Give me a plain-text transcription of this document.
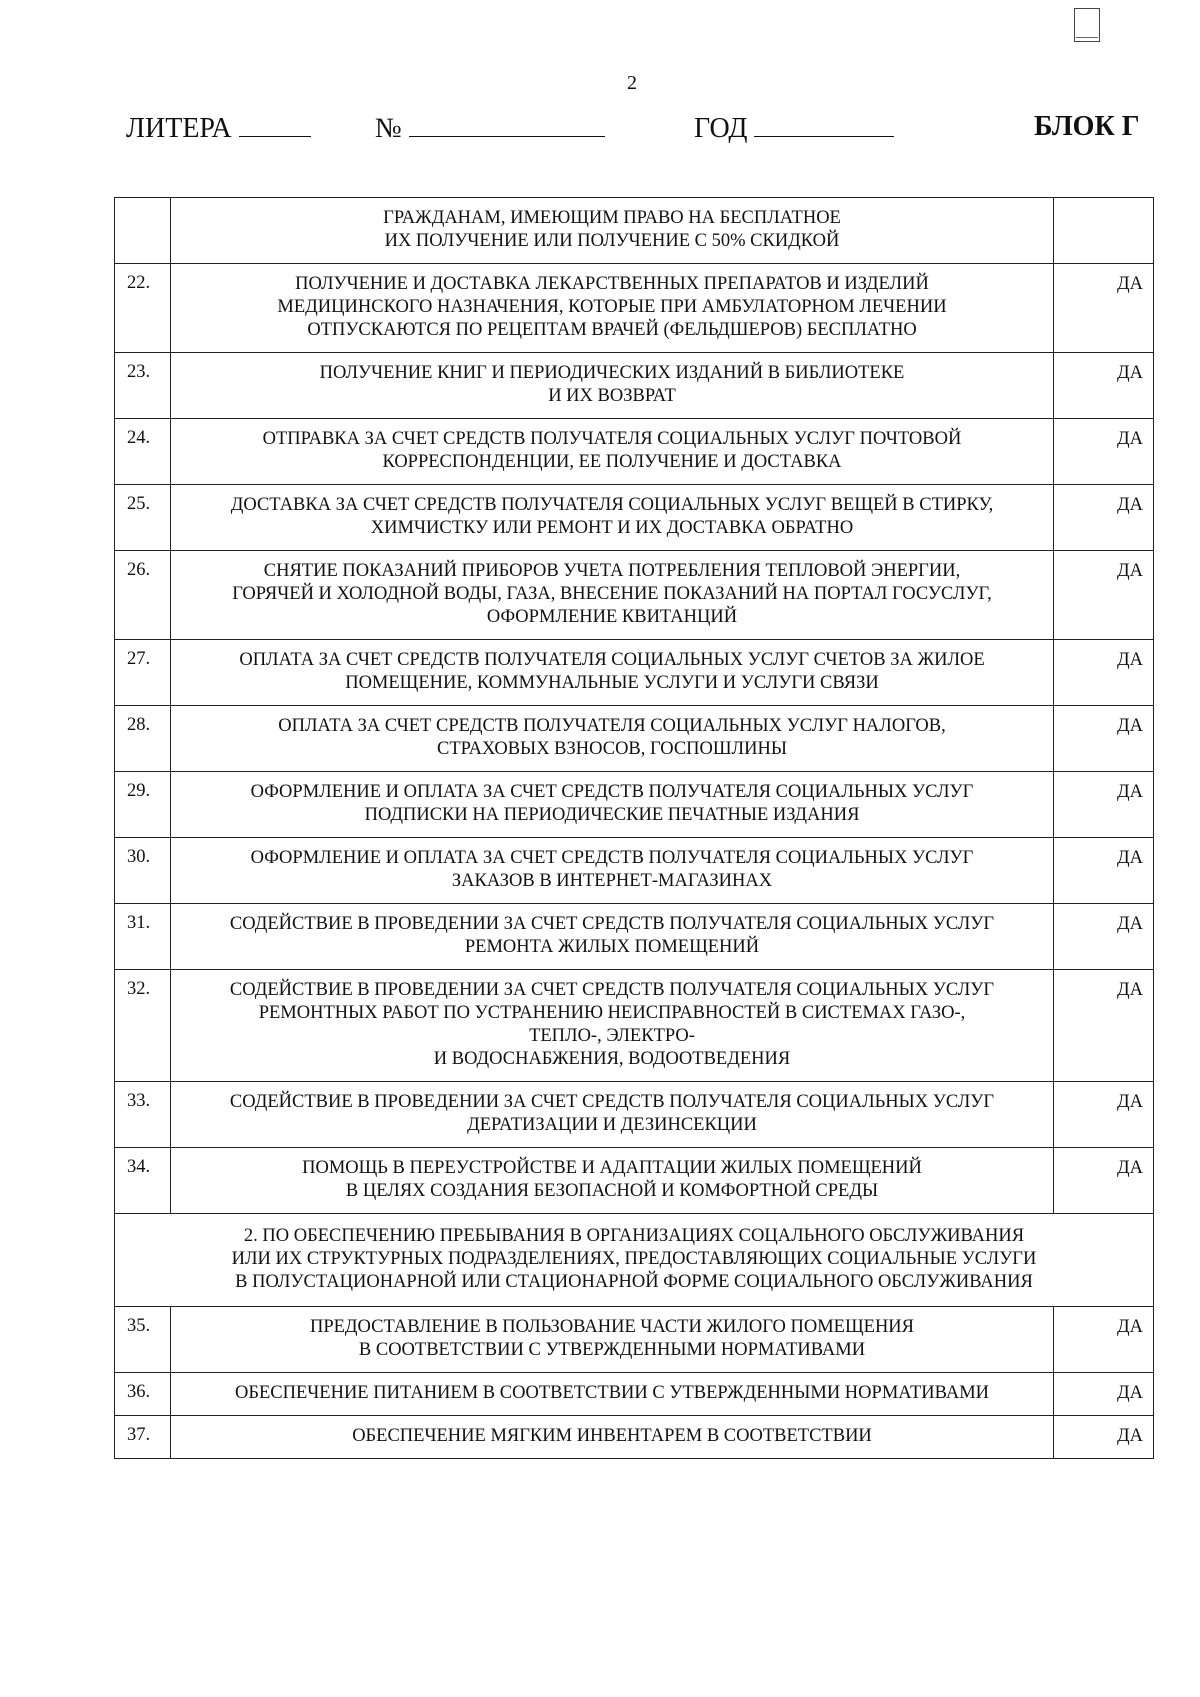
2
ЛИТЕРА	№	ГОД	БЛОК Г
	ГРАЖДАНАМ, ИМЕЮЩИМ ПРАВО НА БЕСПЛАТНОЕ
ИХ ПОЛУЧЕНИЕ ИЛИ ПОЛУЧЕНИЕ С 50% СКИДКОЙ	
22.	ПОЛУЧЕНИЕ И ДОСТАВКА ЛЕКАРСТВЕННЫХ ПРЕПАРАТОВ И ИЗДЕЛИЙ
МЕДИЦИНСКОГО НАЗНАЧЕНИЯ, КОТОРЫЕ ПРИ АМБУЛАТОРНОМ ЛЕЧЕНИИ
ОТПУСКАЮТСЯ ПО РЕЦЕПТАМ ВРАЧЕЙ (ФЕЛЬДШЕРОВ) БЕСПЛАТНО	ДА
23.	ПОЛУЧЕНИЕ КНИГ И ПЕРИОДИЧЕСКИХ ИЗДАНИЙ В БИБЛИОТЕКЕ
И ИХ ВОЗВРАТ	ДА
24.	ОТПРАВКА ЗА СЧЕТ СРЕДСТВ ПОЛУЧАТЕЛЯ СОЦИАЛЬНЫХ УСЛУГ ПОЧТОВОЙ
КОРРЕСПОНДЕНЦИИ, ЕЕ ПОЛУЧЕНИЕ И ДОСТАВКА	ДА
25.	ДОСТАВКА ЗА СЧЕТ СРЕДСТВ ПОЛУЧАТЕЛЯ СОЦИАЛЬНЫХ УСЛУГ ВЕЩЕЙ В СТИРКУ,
ХИМЧИСТКУ ИЛИ РЕМОНТ И ИХ ДОСТАВКА ОБРАТНО	ДА
26.	СНЯТИЕ ПОКАЗАНИЙ ПРИБОРОВ УЧЕТА ПОТРЕБЛЕНИЯ ТЕПЛОВОЙ ЭНЕРГИИ,
ГОРЯЧЕЙ И ХОЛОДНОЙ ВОДЫ, ГАЗА, ВНЕСЕНИЕ ПОКАЗАНИЙ НА ПОРТАЛ ГОСУСЛУГ,
ОФОРМЛЕНИЕ КВИТАНЦИЙ	ДА
27.	ОПЛАТА ЗА СЧЕТ СРЕДСТВ ПОЛУЧАТЕЛЯ СОЦИАЛЬНЫХ УСЛУГ СЧЕТОВ ЗА ЖИЛОЕ
ПОМЕЩЕНИЕ, КОММУНАЛЬНЫЕ УСЛУГИ И УСЛУГИ СВЯЗИ	ДА
28.	ОПЛАТА ЗА СЧЕТ СРЕДСТВ ПОЛУЧАТЕЛЯ СОЦИАЛЬНЫХ УСЛУГ НАЛОГОВ,
СТРАХОВЫХ ВЗНОСОВ, ГОСПОШЛИНЫ	ДА
29.	ОФОРМЛЕНИЕ И ОПЛАТА ЗА СЧЕТ СРЕДСТВ ПОЛУЧАТЕЛЯ СОЦИАЛЬНЫХ УСЛУГ
ПОДПИСКИ НА ПЕРИОДИЧЕСКИЕ ПЕЧАТНЫЕ ИЗДАНИЯ	ДА
30.	ОФОРМЛЕНИЕ И ОПЛАТА ЗА СЧЕТ СРЕДСТВ ПОЛУЧАТЕЛЯ СОЦИАЛЬНЫХ УСЛУГ
ЗАКАЗОВ В ИНТЕРНЕТ-МАГАЗИНАХ	ДА
31.	СОДЕЙСТВИЕ В ПРОВЕДЕНИИ ЗА СЧЕТ СРЕДСТВ ПОЛУЧАТЕЛЯ СОЦИАЛЬНЫХ УСЛУГ
РЕМОНТА ЖИЛЫХ ПОМЕЩЕНИЙ	ДА
32.	СОДЕЙСТВИЕ В ПРОВЕДЕНИИ ЗА СЧЕТ СРЕДСТВ ПОЛУЧАТЕЛЯ СОЦИАЛЬНЫХ УСЛУГ
РЕМОНТНЫХ РАБОТ ПО УСТРАНЕНИЮ НЕИСПРАВНОСТЕЙ В СИСТЕМАХ ГАЗО-,
ТЕПЛО-, ЭЛЕКТРО-
И ВОДОСНАБЖЕНИЯ, ВОДООТВЕДЕНИЯ	ДА
33.	СОДЕЙСТВИЕ В ПРОВЕДЕНИИ ЗА СЧЕТ СРЕДСТВ ПОЛУЧАТЕЛЯ СОЦИАЛЬНЫХ УСЛУГ
ДЕРАТИЗАЦИИ И ДЕЗИНСЕКЦИИ	ДА
34.	ПОМОЩЬ В ПЕРЕУСТРОЙСТВЕ И АДАПТАЦИИ ЖИЛЫХ ПОМЕЩЕНИЙ
В ЦЕЛЯХ СОЗДАНИЯ БЕЗОПАСНОЙ И КОМФОРТНОЙ СРЕДЫ	ДА
2. ПО ОБЕСПЕЧЕНИЮ ПРЕБЫВАНИЯ В ОРГАНИЗАЦИЯХ СОЦАЛЬНОГО ОБСЛУЖИВАНИЯ
ИЛИ ИХ СТРУКТУРНЫХ ПОДРАЗДЕЛЕНИЯХ, ПРЕДОСТАВЛЯЮЩИХ СОЦИАЛЬНЫЕ УСЛУГИ
В ПОЛУСТАЦИОНАРНОЙ ИЛИ СТАЦИОНАРНОЙ ФОРМЕ СОЦИАЛЬНОГО ОБСЛУЖИВАНИЯ		
35.	ПРЕДОСТАВЛЕНИЕ В ПОЛЬЗОВАНИЕ ЧАСТИ ЖИЛОГО ПОМЕЩЕНИЯ
В СООТВЕТСТВИИ С УТВЕРЖДЕННЫМИ НОРМАТИВАМИ	ДА
36.	ОБЕСПЕЧЕНИЕ ПИТАНИЕМ В СООТВЕТСТВИИ С УТВЕРЖДЕННЫМИ НОРМАТИВАМИ	ДА
37.	ОБЕСПЕЧЕНИЕ МЯГКИМ ИНВЕНТАРЕМ В СООТВЕТСТВИИ	ДА
